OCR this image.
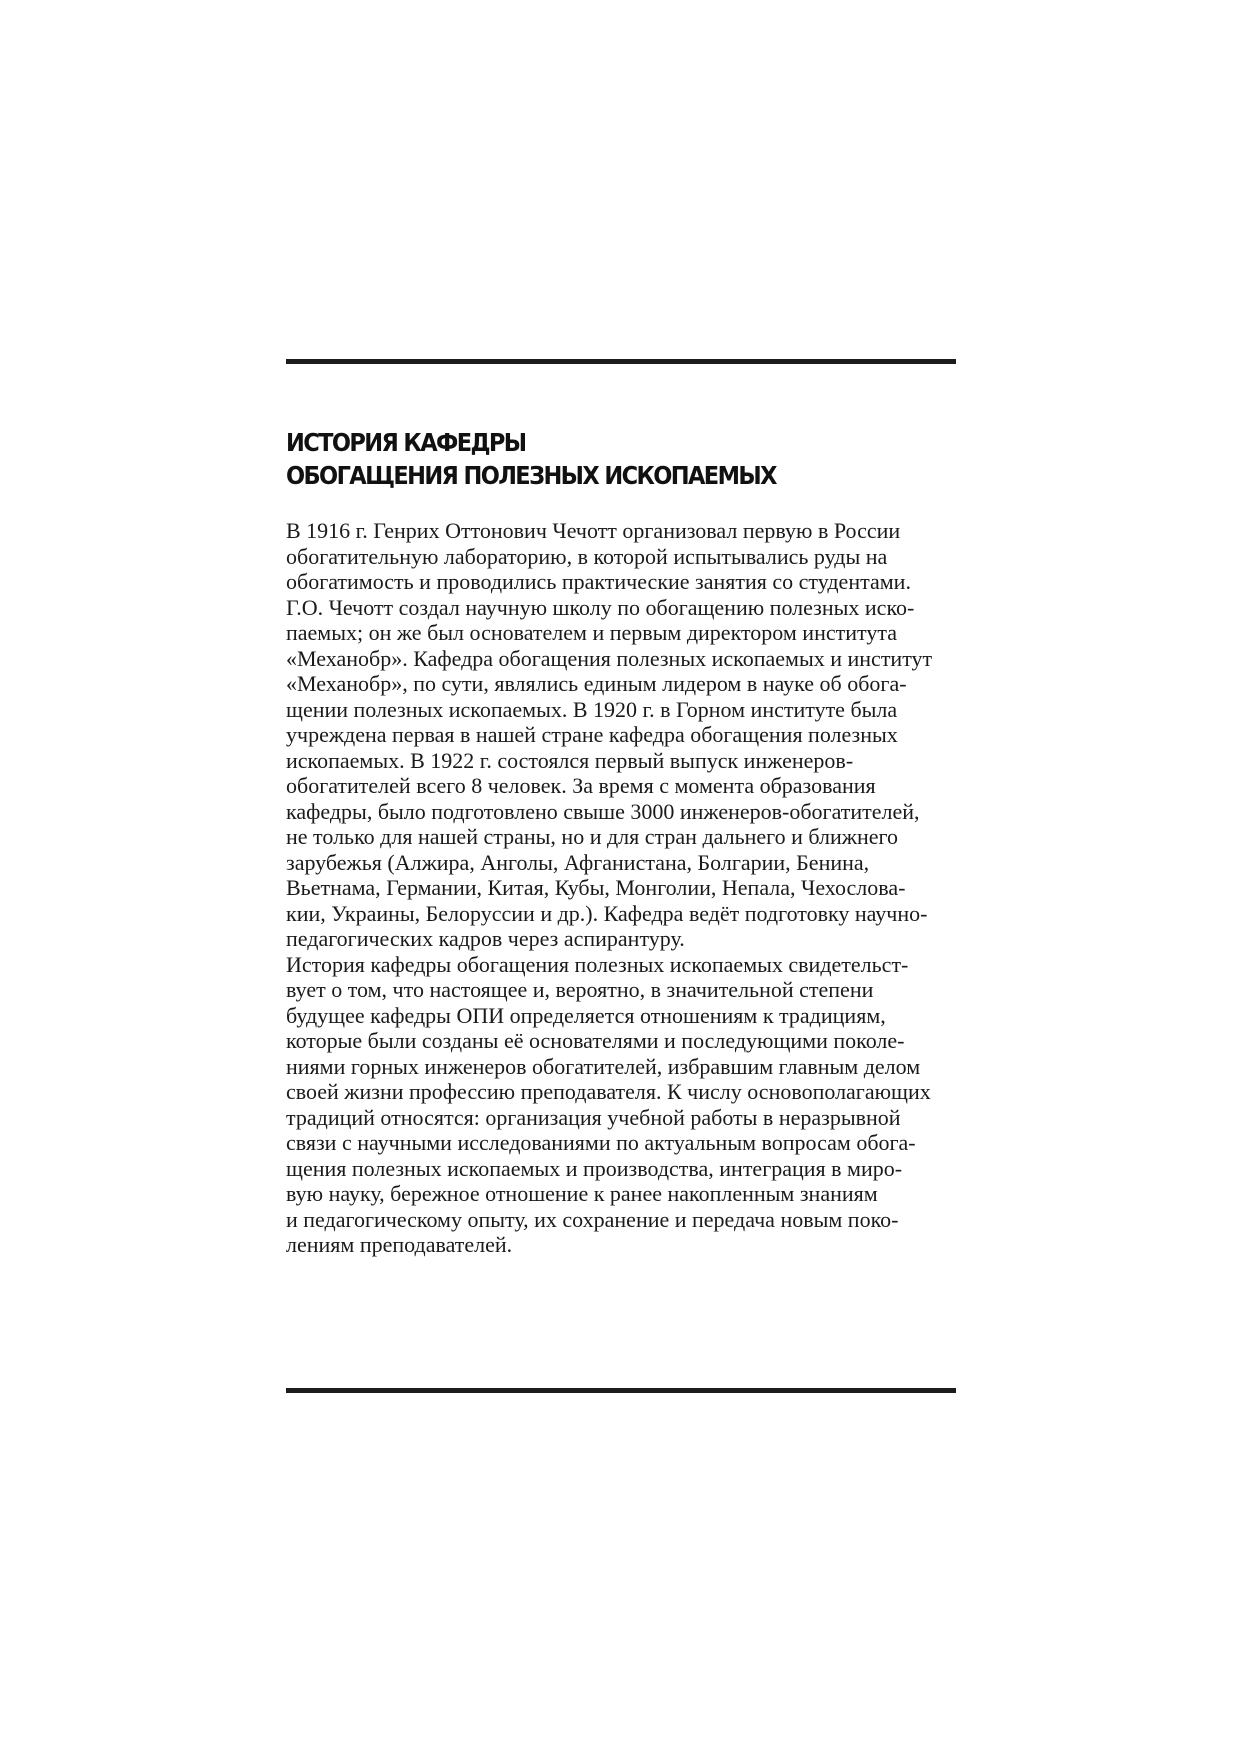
ИСТОРИЯ КАФЕДРЫ
ОБОГАЩЕНИЯ ПОЛЕЗНЫХ ИСКОПАЕМЫХ
В 1916 г. Генрих Оттонович Чечотт организовал первую в России
обогатительную лабораторию, в которой испытывались руды на
обогатимость и проводились практические занятия со студентами.
Г.О. Чечотт создал научную школу по обогащению полезных иско-
паемых; он же был основателем и первым директором института
«Механобр». Кафедра обогащения полезных ископаемых и институт
«Механобр», по сути, являлись единым лидером в науке об обога-
щении полезных ископаемых. В 1920 г. в Горном институте была
учреждена первая в нашей стране кафедра обогащения полезных
ископаемых. В 1922 г. состоялся первый выпуск инженеров-
обогатителей всего 8 человек. За время с момента образования
кафедры, было подготовлено свыше 3000 инженеров-обогатителей,
не только для нашей страны, но и для стран дальнего и ближнего
зарубежья (Алжира, Анголы, Афганистана, Болгарии, Бенина,
Вьетнама, Германии, Китая, Кубы, Монголии, Непала, Чехослова-
кии, Украины, Белоруссии и др.). Кафедра ведёт подготовку научно-
педагогических кадров через аспирантуру.
История кафедры обогащения полезных ископаемых свидетельст-
вует о том, что настоящее и, вероятно, в значительной степени
будущее кафедры ОПИ определяется отношениям к традициям,
которые были созданы её основателями и последующими поколе-
ниями горных инженеров обогатителей, избравшим главным делом
своей жизни профессию преподавателя. К числу основополагающих
традиций относятся: организация учебной работы в неразрывной
связи с научными исследованиями по актуальным вопросам обога-
щения полезных ископаемых и производства, интеграция в миро-
вую науку, бережное отношение к ранее накопленным знаниям
и педагогическому опыту, их сохранение и передача новым поко-
лениям преподавателей.
